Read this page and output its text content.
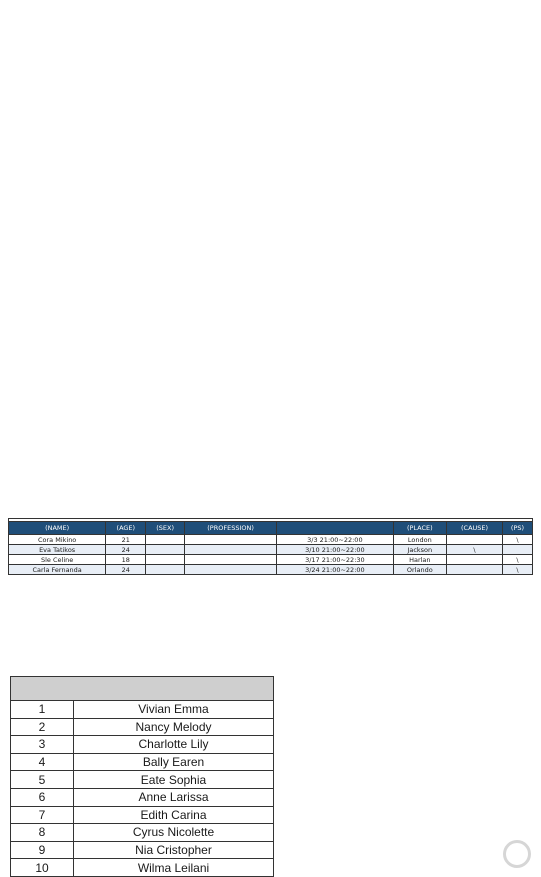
(NAME)	(AGE)	(SEX)	(PROFESSION)		(PLACE)	(CAUSE)	(PS)
Cora Mikino	21			3/3 21:00~22:00	London		\
Eva Tatikos	24			3/10 21:00~22:00	Jackson	\	
Sle Celine	18			3/17 21:00~22:30	Harlan		\
Carla Fernanda	24			3/24 21:00~22:00	Orlando		\

1	Vivian Emma
2	Nancy Melody
3	Charlotte Lily
4	Bally Earen
5	Eate Sophia
6	Anne Larissa
7	Edith Carina
8	Cyrus Nicolette
9	Nia Cristopher
10	Wilma Leilani
